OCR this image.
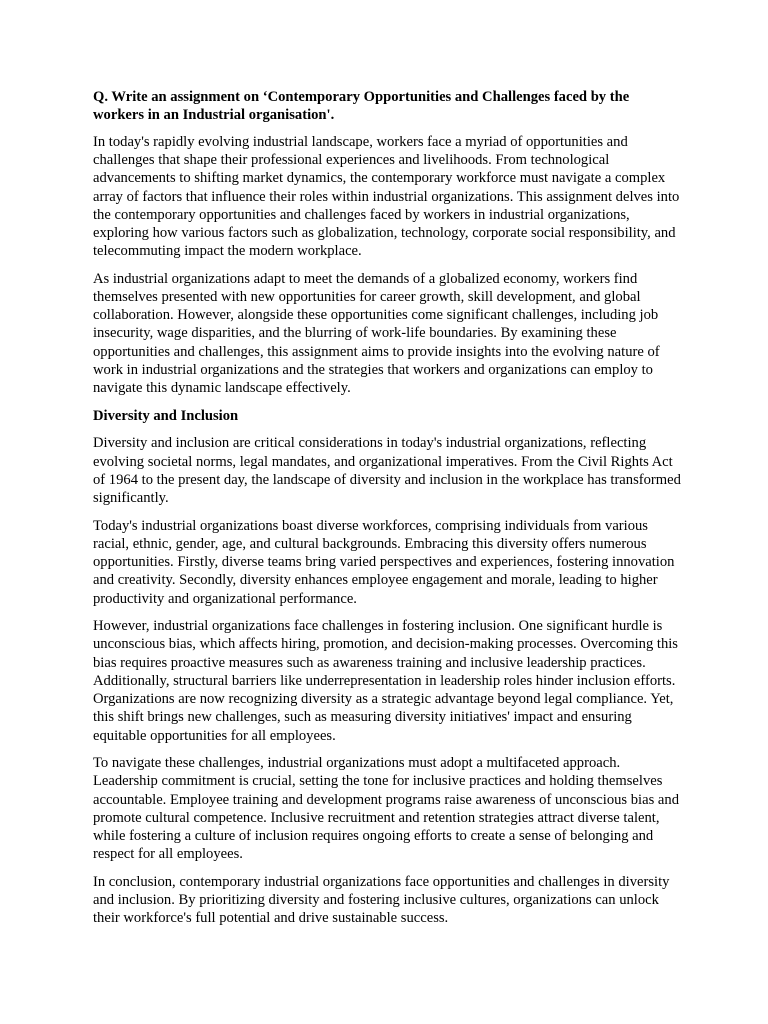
Q. Write an assignment on ‘Contemporary Opportunities and Challenges faced by the workers in an Industrial organisation'.

In today's rapidly evolving industrial landscape, workers face a myriad of opportunities and challenges that shape their professional experiences and livelihoods. From technological advancements to shifting market dynamics, the contemporary workforce must navigate a complex array of factors that influence their roles within industrial organizations. This assignment delves into the contemporary opportunities and challenges faced by workers in industrial organizations, exploring how various factors such as globalization, technology, corporate social responsibility, and telecommuting impact the modern workplace.

As industrial organizations adapt to meet the demands of a globalized economy, workers find themselves presented with new opportunities for career growth, skill development, and global collaboration. However, alongside these opportunities come significant challenges, including job insecurity, wage disparities, and the blurring of work-life boundaries. By examining these opportunities and challenges, this assignment aims to provide insights into the evolving nature of work in industrial organizations and the strategies that workers and organizations can employ to navigate this dynamic landscape effectively.

Diversity and Inclusion

Diversity and inclusion are critical considerations in today's industrial organizations, reflecting evolving societal norms, legal mandates, and organizational imperatives. From the Civil Rights Act of 1964 to the present day, the landscape of diversity and inclusion in the workplace has transformed significantly.

Today's industrial organizations boast diverse workforces, comprising individuals from various racial, ethnic, gender, age, and cultural backgrounds. Embracing this diversity offers numerous opportunities. Firstly, diverse teams bring varied perspectives and experiences, fostering innovation and creativity. Secondly, diversity enhances employee engagement and morale, leading to higher productivity and organizational performance.

However, industrial organizations face challenges in fostering inclusion. One significant hurdle is unconscious bias, which affects hiring, promotion, and decision-making processes. Overcoming this bias requires proactive measures such as awareness training and inclusive leadership practices. Additionally, structural barriers like underrepresentation in leadership roles hinder inclusion efforts. Organizations are now recognizing diversity as a strategic advantage beyond legal compliance. Yet, this shift brings new challenges, such as measuring diversity initiatives' impact and ensuring equitable opportunities for all employees.

To navigate these challenges, industrial organizations must adopt a multifaceted approach. Leadership commitment is crucial, setting the tone for inclusive practices and holding themselves accountable. Employee training and development programs raise awareness of unconscious bias and promote cultural competence. Inclusive recruitment and retention strategies attract diverse talent, while fostering a culture of inclusion requires ongoing efforts to create a sense of belonging and respect for all employees.

In conclusion, contemporary industrial organizations face opportunities and challenges in diversity and inclusion. By prioritizing diversity and fostering inclusive cultures, organizations can unlock their workforce's full potential and drive sustainable success.
